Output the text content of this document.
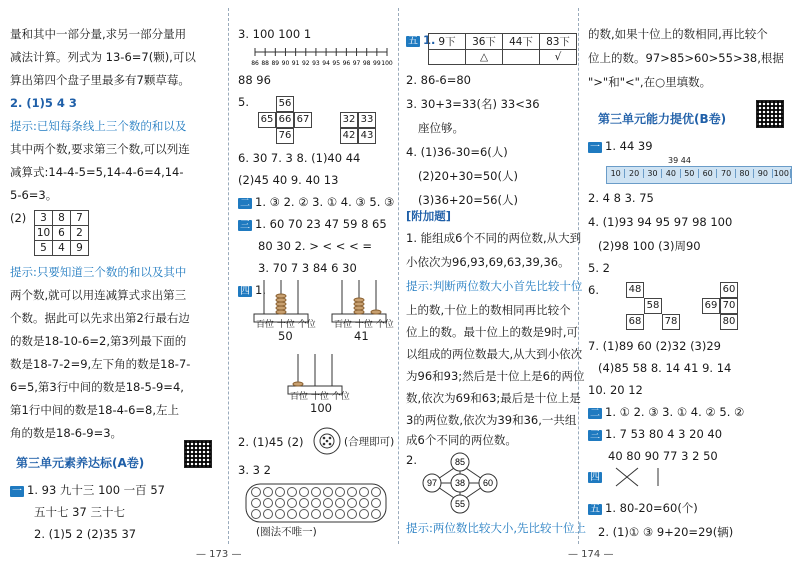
量和其中一部分量,求另一部分量用
减法计算。列式为 13-6=7(颗),可以
算出第四个盘子里最多有7颗草莓。
2. (1)5 4 3
提示:已知每条线上三个数的和以及
其中两个数,要求第三个数,可以列连
减算式:14-4-5=5,14-4-6=4,14-
5-6=3。
(2) 3	8	7
10	6	2
5	4	9
提示:只要知道三个数的和以及其中
两个数,就可以用连减算式求出第三
个数。据此可以先求出第2行最右边
的数是18-10-6=2,第3列最下面的
数是18-7-2=9,左下角的数是18-7-
6=5,第3行中间的数是18-5-9=4,
第1行中间的数是18-4-6=8,左上
角的数是18-6-9=3。
第三单元素养达标(A卷)
一 1. 93 九十三 100 一百 57
五十七 37 三十七
2. (1)5 2 (2)35 37
— 173 —
3. 100 100 1
86 88 89 90 91 92 93 94 95 96 97 98 99 100
88 96
5.	56
65 66 67
76
32 33
42 43
6. 30 7. 3 8. (1)40 44
(2)45 40 9. 40 13
二 1. ③ 2. ② 3. ① 4. ③ 5. ③
三 1. 60 70 23 47 59 8 65
80 30 2. > < < < =
3. 70 7 3 84 6 30
四 1.
百位 十位 个位
50
百位 十位 个位
41
百位 十位 个位
100
2. (1)45 (2)	(合理即可)
3. 3 2
(圈法不唯一)
五 1. 9下	36下	44下	83下
	△		√
2. 86-6=80
3. 30+3=33(名) 33<36
座位够。
4. (1)36-30=6(人)
(2)20+30=50(人)
(3)36+20=56(人)
[附加题]
1. 能组成6个不同的两位数,从大到
小依次为96,93,69,63,39,36。
提示:判断两位数大小首先比较十位
上的数,十位上的数相同再比较个
位上的数。最十位上的数是9时,可
以组成的两位数最大,从大到小依次
为96和93;然后是十位上是6的两位
数,依次为69和63;最后是十位上是
3的两位数,依次为39和36,一共组
成6个不同的两位数。
2.	85
97 38 60
55
提示:两位数比较大小,先比较十位上
— 174 —
的数,如果十位上的数相同,再比较个
位上的数。97>85>60>55>38,根据
">"和"<",在○里填数。
第三单元能力提优(B卷)
一 1. 44 39
39 44
10	20	30	40	50	60	70	80	90 100
2. 4 8 3. 75
4. (1)93 94 95 97 98 100
(2)98 100 (3)周90
5. 2
6.	48
58
68 78
60
69 70
80
7. (1)89 60 (2)32 (3)29
(4)85 58 8. 14 41 9. 14
10. 20 12
二 1. ① 2. ③ 3. ① 4. ② 5. ②
三 1. 7 53 80 4 3 20 40
40 80 90 77 3 2 50
四
五 1. 80-20=60(个)
2. (1)① ③ 9+20=29(辆)
